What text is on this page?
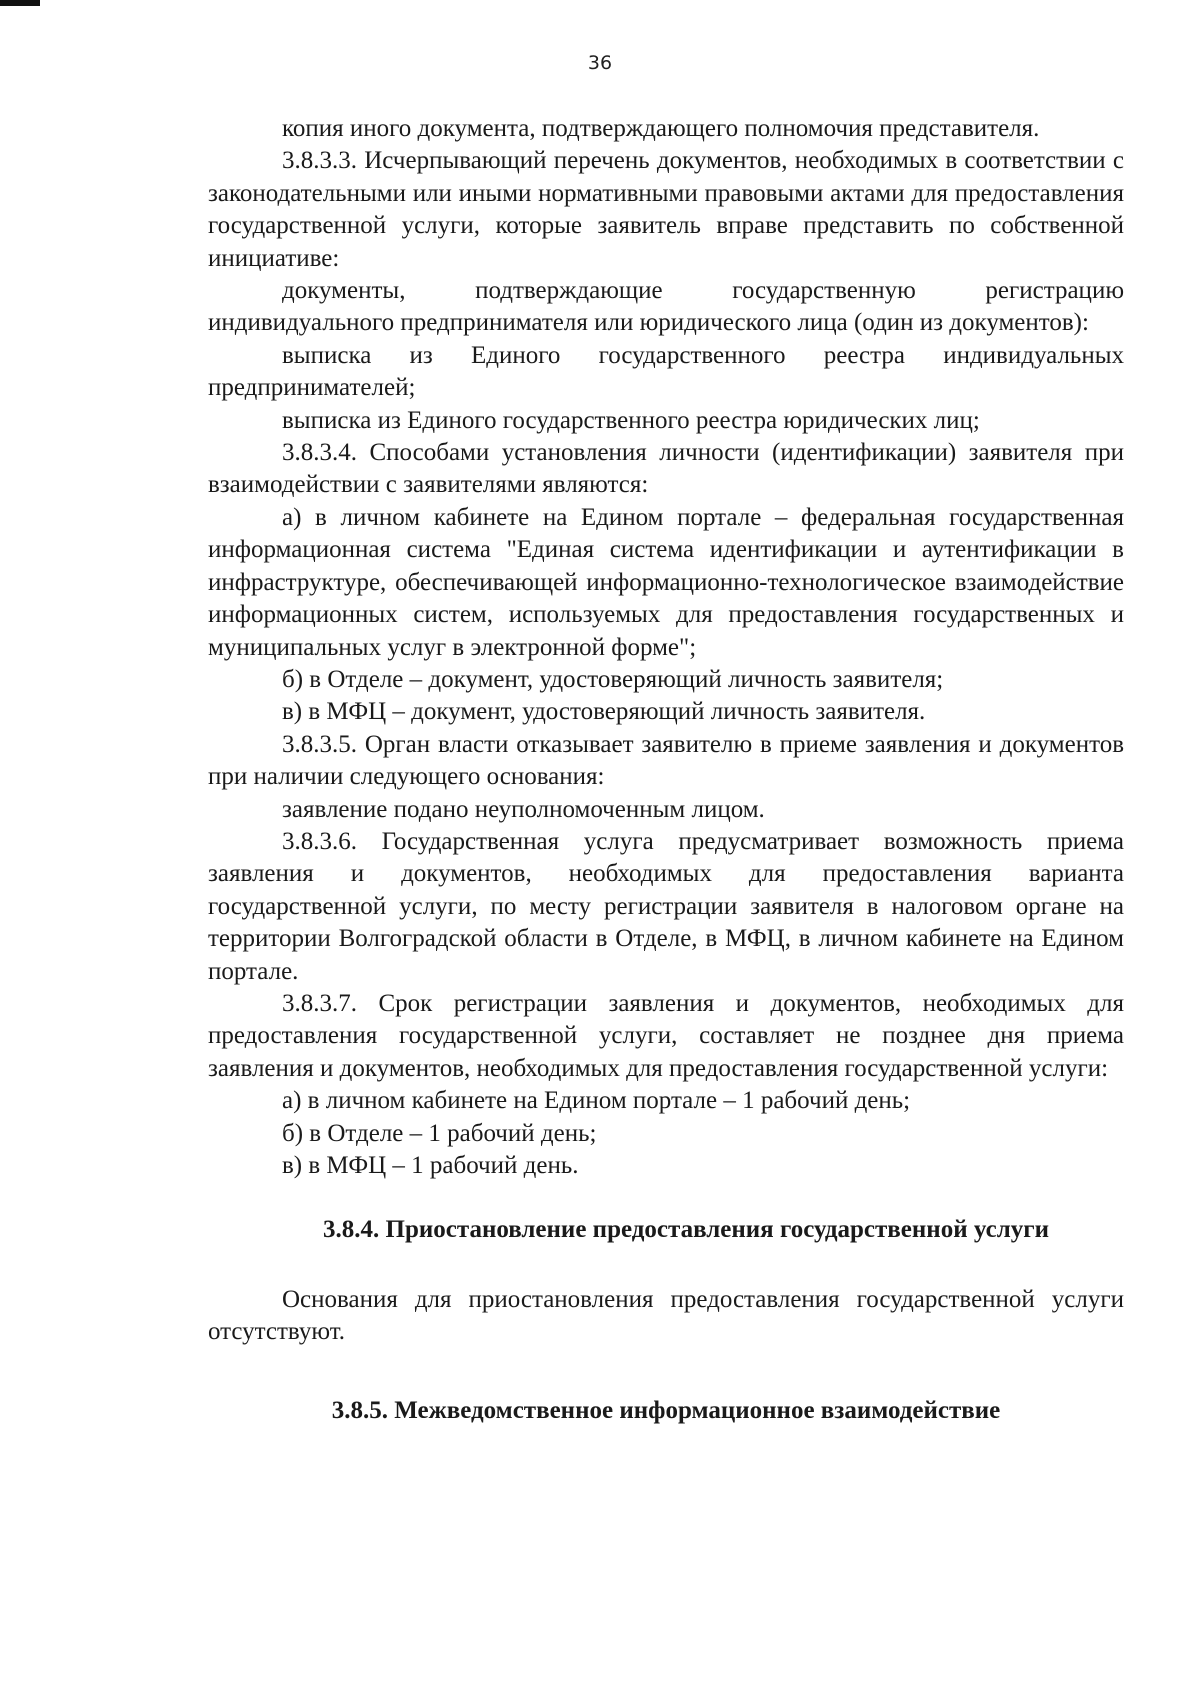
36

копия иного документа, подтверждающего полномочия представителя.

3.8.3.3. Исчерпывающий перечень документов, необходимых в соответствии с законодательными или иными нормативными правовыми актами для предоставления государственной услуги, которые заявитель вправе представить по собственной инициативе:

документы, подтверждающие государственную регистрацию индивидуального предпринимателя или юридического лица (один из документов):

выписка из Единого государственного реестра индивидуальных предпринимателей;

выписка из Единого государственного реестра юридических лиц;

3.8.3.4. Способами установления личности (идентификации) заявителя при взаимодействии с заявителями являются:

а) в личном кабинете на Едином портале – федеральная государственная информационная система "Единая система идентификации и аутентификации в инфраструктуре, обеспечивающей информационно-технологическое взаимодействие информационных систем, используемых для предоставления государственных и муниципальных услуг в электронной форме";

б) в Отделе – документ, удостоверяющий личность заявителя;

в) в МФЦ – документ, удостоверяющий личность заявителя.

3.8.3.5. Орган власти отказывает заявителю в приеме заявления и документов при наличии следующего основания:

заявление подано неуполномоченным лицом.

3.8.3.6. Государственная услуга предусматривает возможность приема заявления и документов, необходимых для предоставления варианта государственной услуги, по месту регистрации заявителя в налоговом органе на территории Волгоградской области в Отделе, в МФЦ, в личном кабинете на Едином портале.

3.8.3.7. Срок регистрации заявления и документов, необходимых для предоставления государственной услуги, составляет не позднее дня приема заявления и документов, необходимых для предоставления государственной услуги:

а) в личном кабинете на Едином портале – 1 рабочий день;

б) в Отделе – 1 рабочий день;

в) в МФЦ – 1 рабочий день.

3.8.4. Приостановление предоставления государственной услуги

Основания для приостановления предоставления государственной услуги отсутствуют.

3.8.5. Межведомственное информационное взаимодействие
